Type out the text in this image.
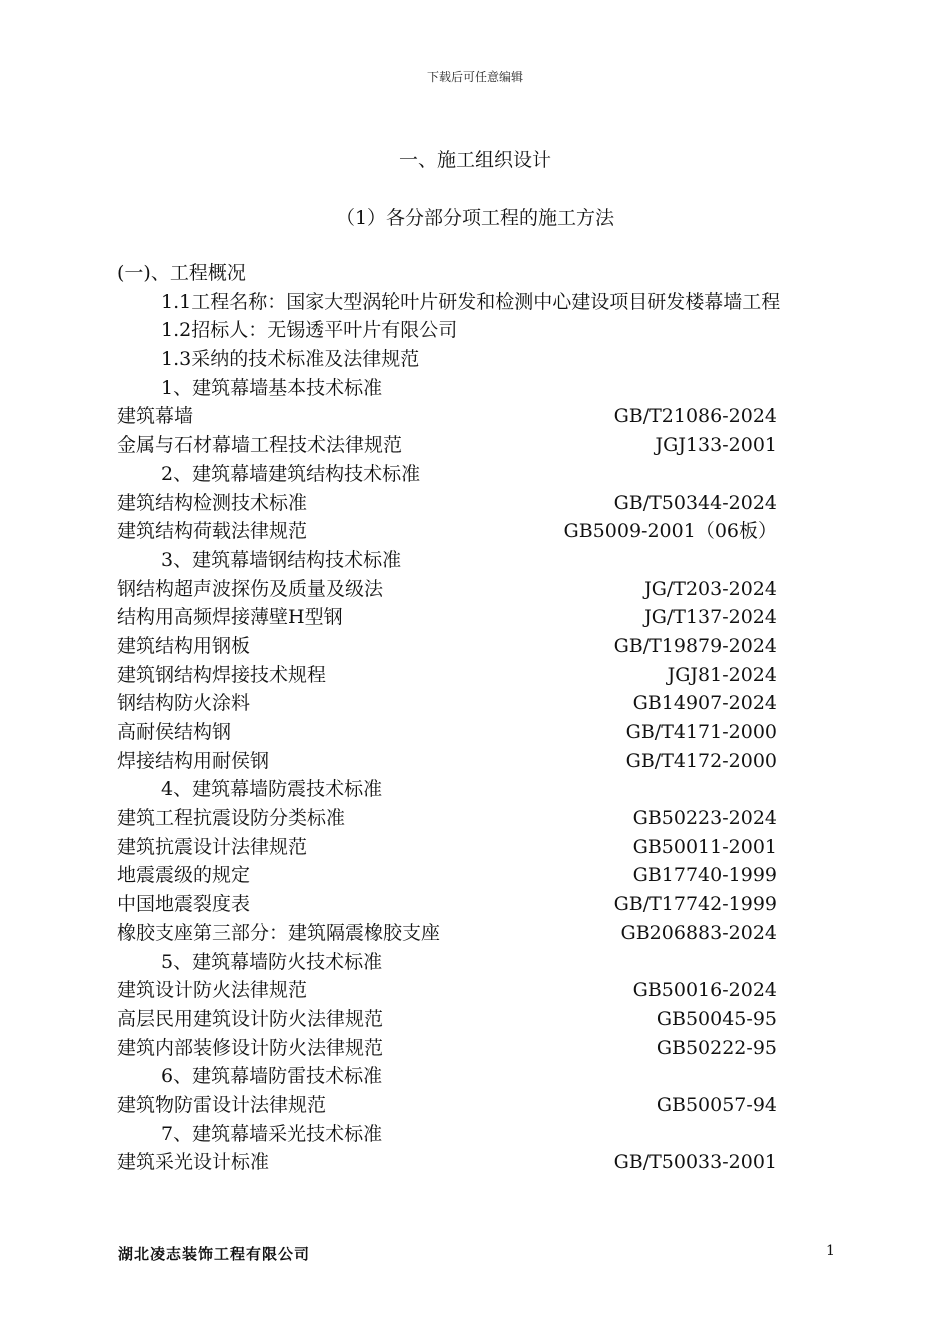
下载后可任意编辑
一、施工组织设计
（1）各分部分项工程的施工方法
(一)、工程概况
1.1工程名称：国家大型涡轮叶片研发和检测中心建设项目研发楼幕墙工程
1.2招标人：无锡透平叶片有限公司
1.3采纳的技术标准及法律规范
1、建筑幕墙基本技术标准
建筑幕墙	GB/T21086-2024
金属与石材幕墙工程技术法律规范	JGJ133-2001
2、建筑幕墙建筑结构技术标准
建筑结构检测技术标准	GB/T50344-2024
建筑结构荷载法律规范	GB5009-2001（06板）
3、建筑幕墙钢结构技术标准
钢结构超声波探伤及质量及级法	JG/T203-2024
结构用高频焊接薄壁H型钢	JG/T137-2024
建筑结构用钢板	GB/T19879-2024
建筑钢结构焊接技术规程	JGJ81-2024
钢结构防火涂料	GB14907-2024
高耐侯结构钢	GB/T4171-2000
焊接结构用耐侯钢	GB/T4172-2000
4、建筑幕墙防震技术标准
建筑工程抗震设防分类标准	GB50223-2024
建筑抗震设计法律规范	GB50011-2001
地震震级的规定	GB17740-1999
中国地震裂度表	GB/T17742-1999
橡胶支座第三部分：建筑隔震橡胶支座	GB206883-2024
5、建筑幕墙防火技术标准
建筑设计防火法律规范	GB50016-2024
高层民用建筑设计防火法律规范	GB50045-95
建筑内部装修设计防火法律规范	GB50222-95
6、建筑幕墙防雷技术标准
建筑物防雷设计法律规范	GB50057-94
7、建筑幕墙采光技术标准
建筑采光设计标准	GB/T50033-2001
湖北凌志装饰工程有限公司	1
